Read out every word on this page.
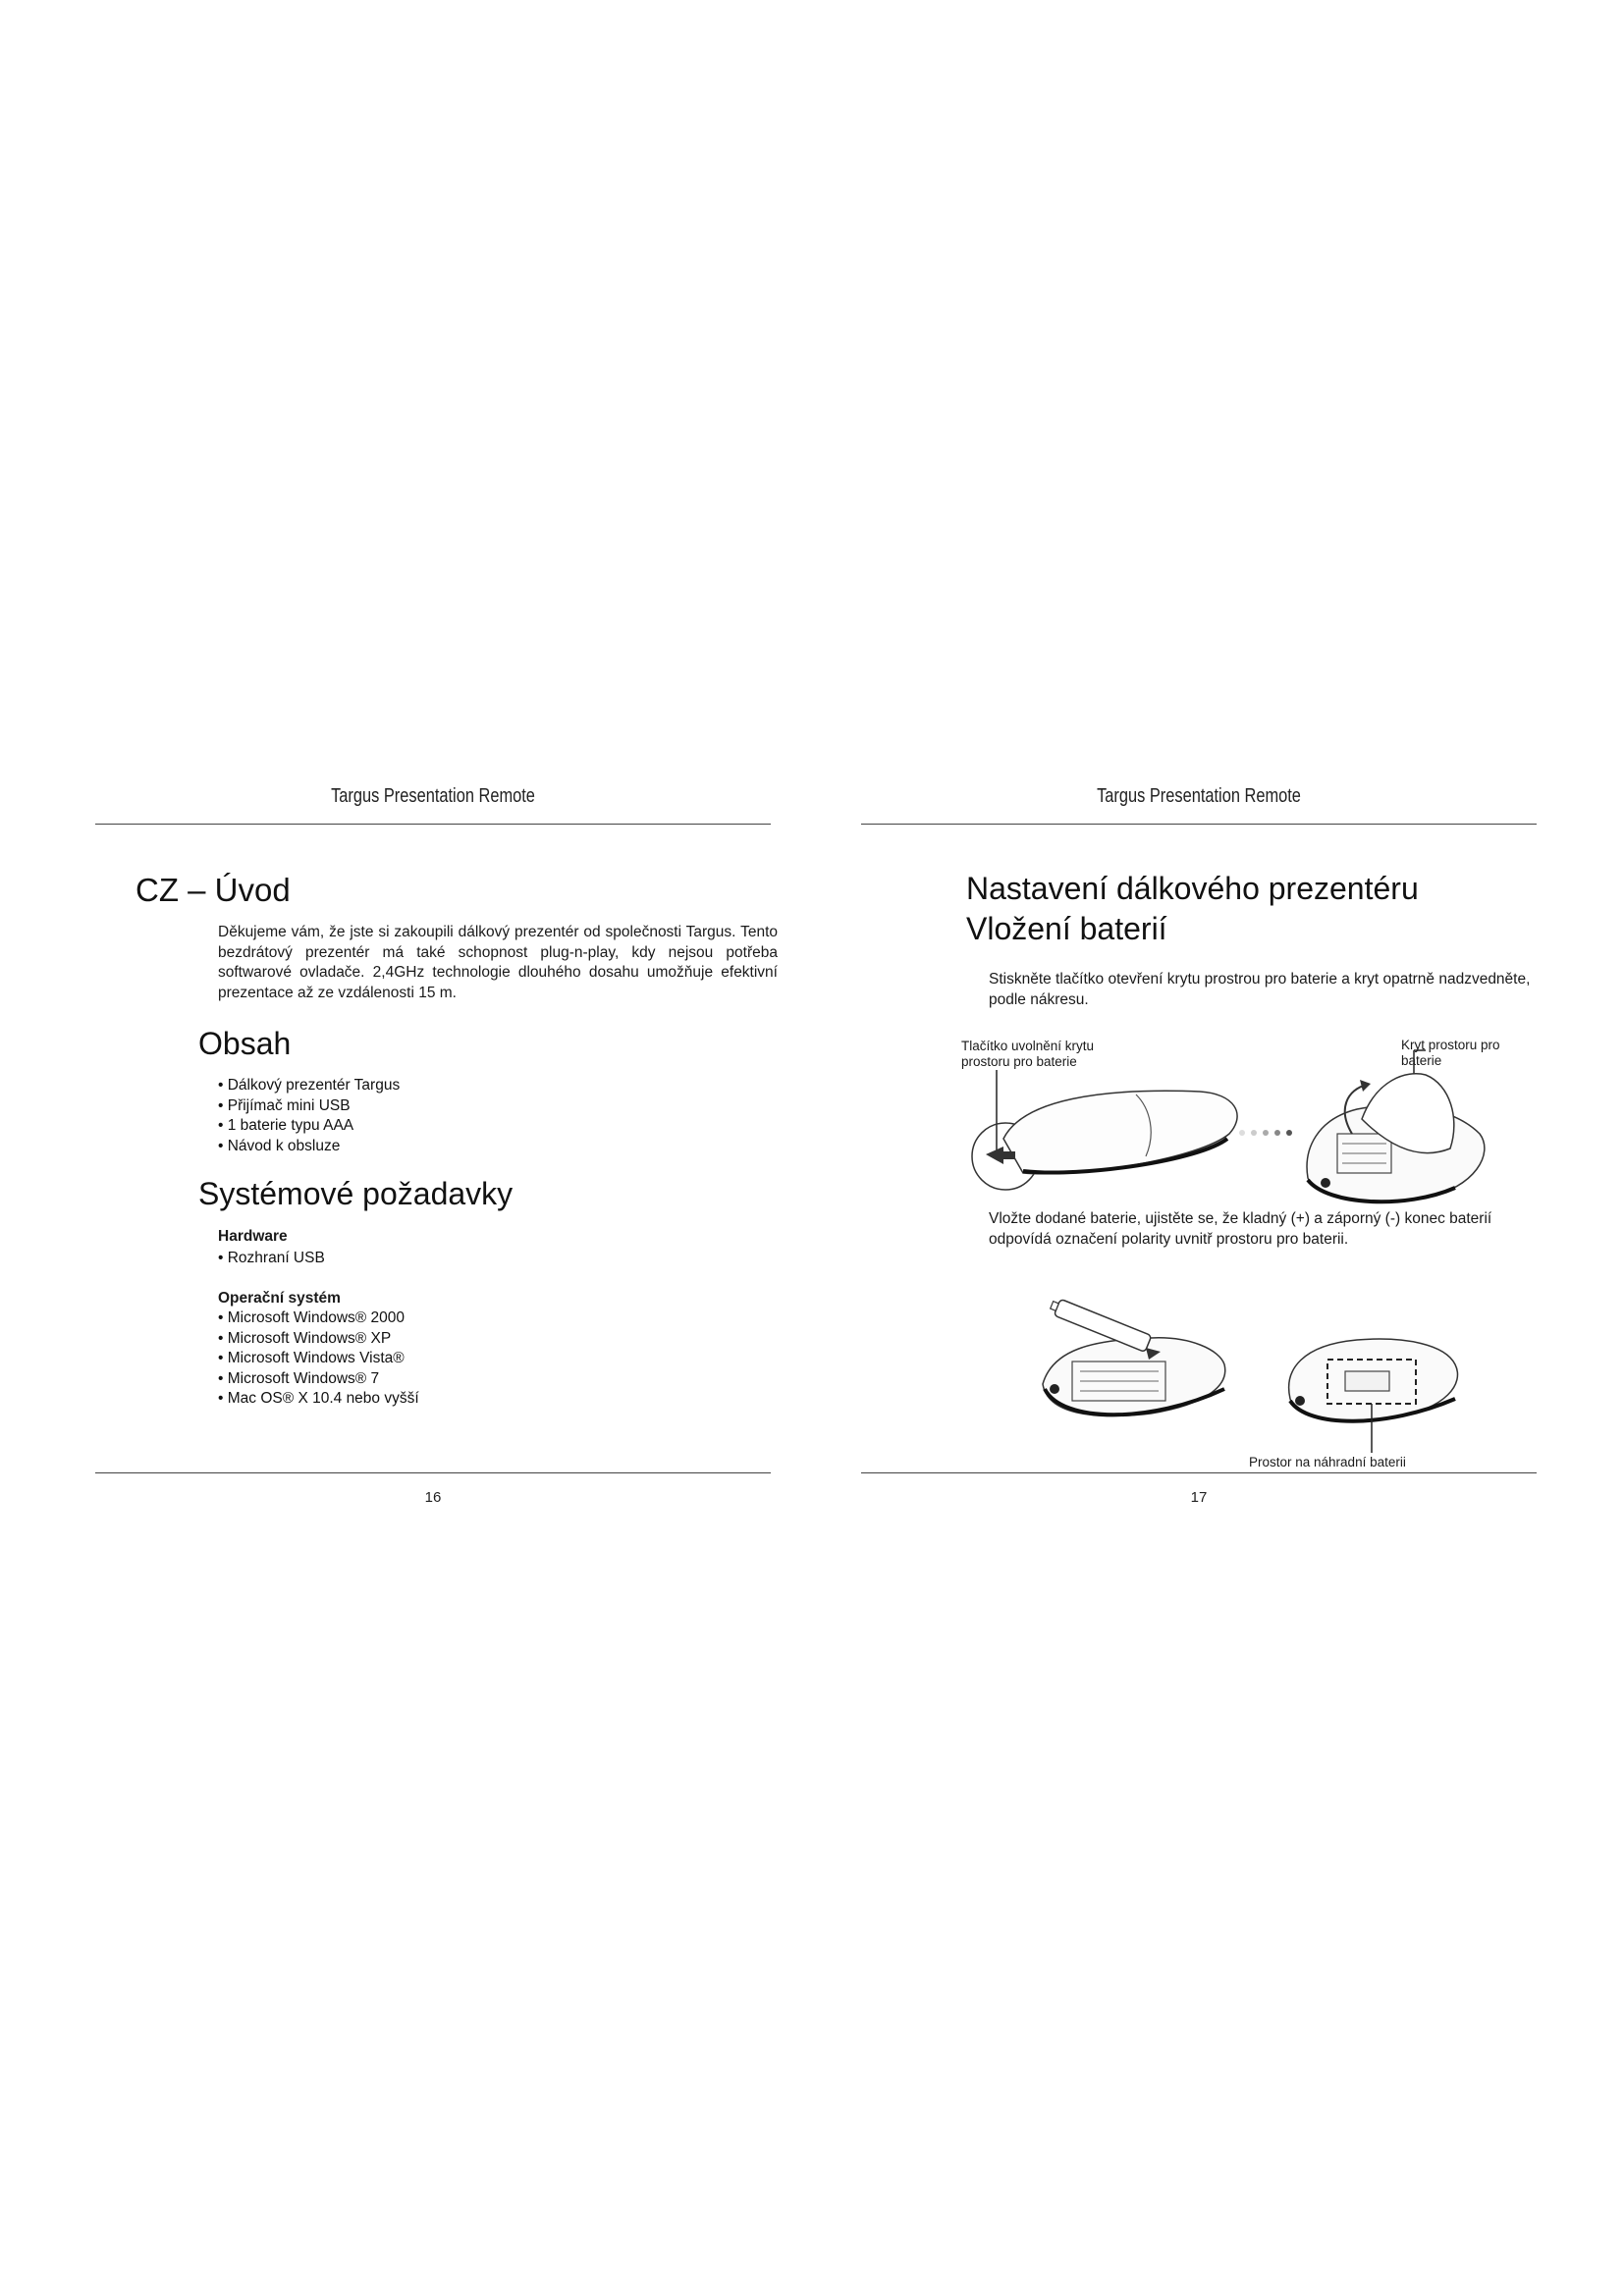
Targus Presentation Remote
CZ – Úvod

Děkujeme vám, že jste si zakoupili dálkový prezentér od společnosti Targus. Tento bezdrátový prezentér má také schopnost plug-n-play, kdy nejsou potřeba softwarové ovladače. 2,4GHz technologie dlouhého dosahu umožňuje efektivní prezentace až ze vzdálenosti 15 m.

Obsah
• Dálkový prezentér Targus
• Přijímač mini USB
• 1 baterie typu AAA
• Návod k obsluze
Systémové požadavky
Hardware
• Rozhraní USB
Operační systém
• Microsoft Windows® 2000
• Microsoft Windows® XP
• Microsoft Windows Vista®
• Microsoft Windows® 7
• Mac OS® X 10.4 nebo vyšší
16
Targus Presentation Remote
Nastavení dálkového prezentéru
Vložení baterií

Stiskněte tlačítko otevření krytu prostrou pro baterie a kryt opatrně nadzvedněte, podle nákresu.

Tlačítko uvolnění krytu prostoru pro baterie
Kryt prostoru pro baterie

Vložte dodané baterie, ujistěte se, že kladný (+) a záporný (-) konec baterií odpovídá označení polarity uvnitř prostoru pro baterii.

Prostor na náhradní baterii
17
